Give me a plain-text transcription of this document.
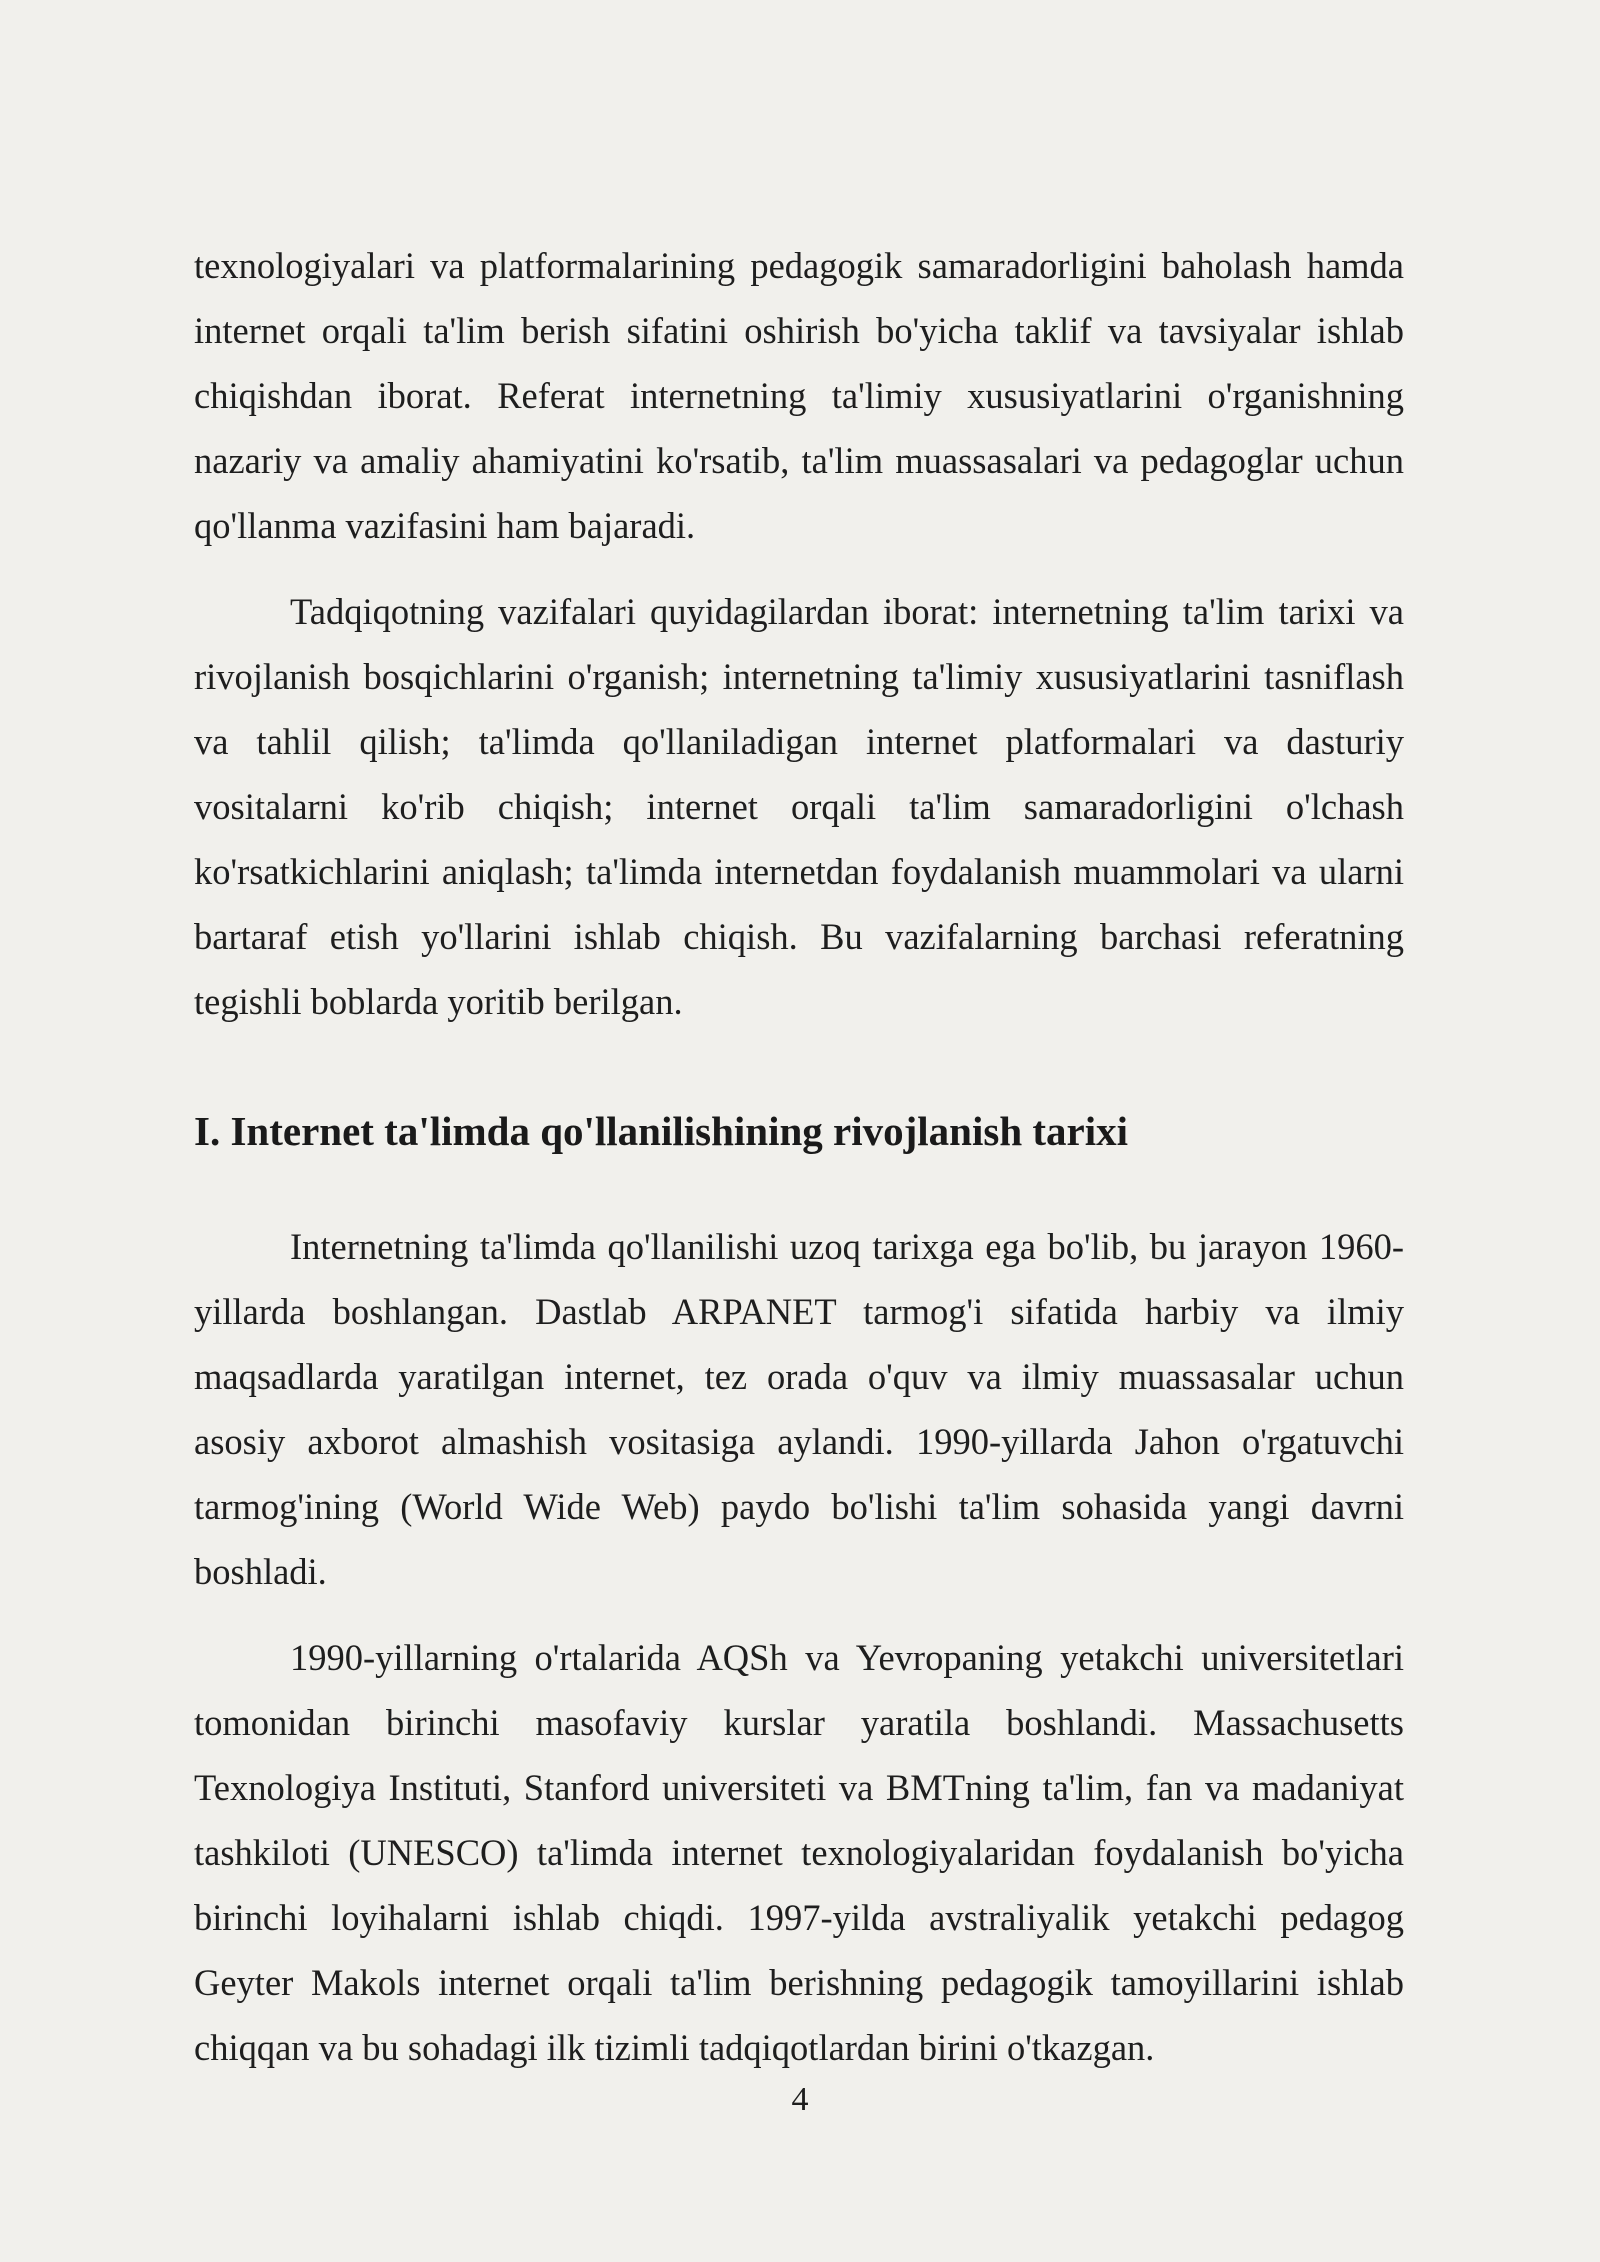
texnologiyalari va platformalarining pedagogik samaradorligini baholash hamda internet orqali ta'lim berish sifatini oshirish bo'yicha taklif va tavsiyalar ishlab chiqishdan iborat. Referat internetning ta'limiy xususiyatlarini o'rganishning nazariy va amaliy ahamiyatini ko'rsatib, ta'lim muassasalari va pedagoglar uchun qo'llanma vazifasini ham bajaradi.

Tadqiqotning vazifalari quyidagilardan iborat: internetning ta'lim tarixi va rivojlanish bosqichlarini o'rganish; internetning ta'limiy xususiyatlarini tasniflash va tahlil qilish; ta'limda qo'llaniladigan internet platformalari va dasturiy vositalarni ko'rib chiqish; internet orqali ta'lim samaradorligini o'lchash ko'rsatkichlarini aniqlash; ta'limda internetdan foydalanish muammolari va ularni bartaraf etish yo'llarini ishlab chiqish. Bu vazifalarning barchasi referatning tegishli boblarda yoritib berilgan.

I. Internet ta'limda qo'llanilishining rivojlanish tarixi

Internetning ta'limda qo'llanilishi uzoq tarixga ega bo'lib, bu jarayon 1960-yillarda boshlangan. Dastlab ARPANET tarmog'i sifatida harbiy va ilmiy maqsadlarda yaratilgan internet, tez orada o'quv va ilmiy muassasalar uchun asosiy axborot almashish vositasiga aylandi. 1990-yillarda Jahon o'rgatuvchi tarmog'ining (World Wide Web) paydo bo'lishi ta'lim sohasida yangi davrni boshladi.

1990-yillarning o'rtalarida AQSh va Yevropaning yetakchi universitetlari tomonidan birinchi masofaviy kurslar yaratila boshlandi. Massachusetts Texnologiya Instituti, Stanford universiteti va BMTning ta'lim, fan va madaniyat tashkiloti (UNESCO) ta'limda internet texnologiyalaridan foydalanish bo'yicha birinchi loyihalarni ishlab chiqdi. 1997-yilda avstraliyalik yetakchi pedagog Geyter Makols internet orqali ta'lim berishning pedagogik tamoyillarini ishlab chiqqan va bu sohadagi ilk tizimli tadqiqotlardan birini o'tkazgan.

4
